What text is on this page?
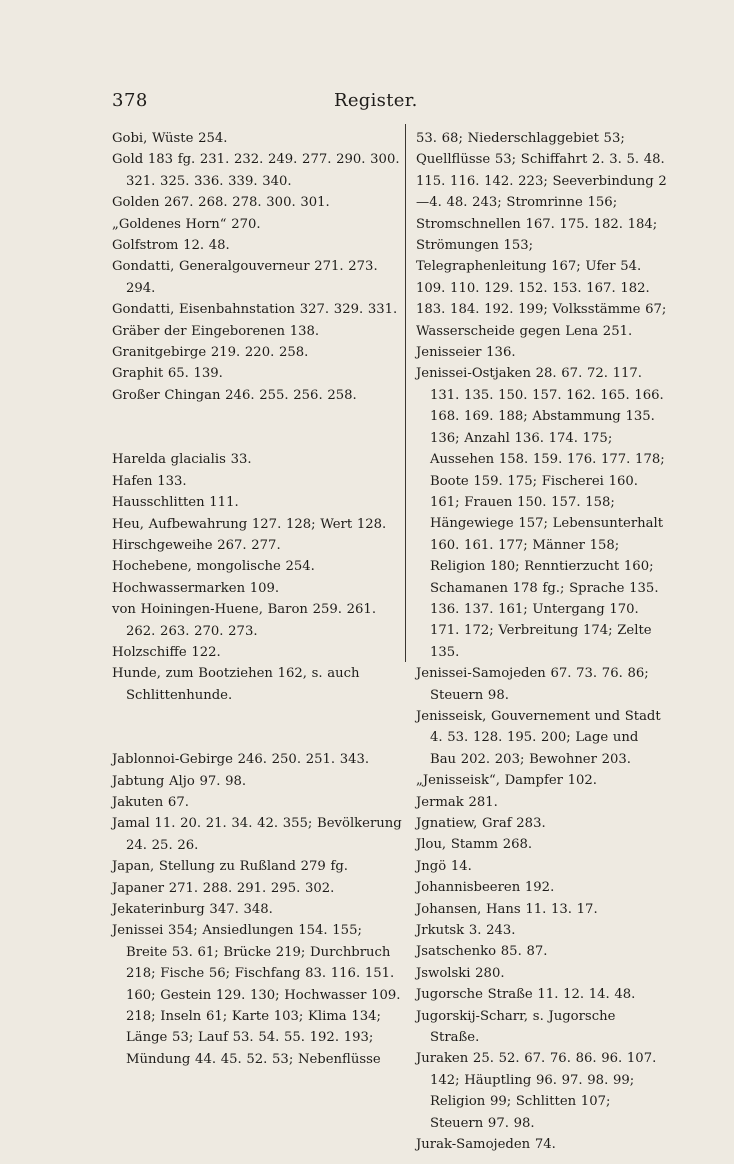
378	Register.
Gobi, Wüste 254.
Gold 183 fg. 231. 232. 249. 277. 290. 300. 321. 325. 336. 339. 340.
Golden 267. 268. 278. 300. 301.
„Goldenes Horn“ 270.
Golfstrom 12. 48.
Gondatti, Generalgouverneur 271. 273. 294.
Gondatti, Eisenbahnstation 327. 329. 331.
Gräber der Eingeborenen 138.
Granitgebirge 219. 220. 258.
Graphit 65. 139.
Großer Chingan 246. 255. 256. 258.
Harelda glacialis 33.
Hafen 133.
Hausschlitten 111.
Heu, Aufbewahrung 127. 128; Wert 128.
Hirschgeweihe 267. 277.
Hochebene, mongolische 254.
Hochwassermarken 109.
von Hoiningen-Huene, Baron 259. 261. 262. 263. 270. 273.
Holzschiffe 122.
Hunde, zum Bootziehen 162, s. auch Schlittenhunde.
Jablonnoi-Gebirge 246. 250. 251. 343.
Jabtung Aljo 97. 98.
Jakuten 67.
Jamal 11. 20. 21. 34. 42. 355; Bevölkerung 24. 25. 26.
Japan, Stellung zu Rußland 279 fg.
Japaner 271. 288. 291. 295. 302.
Jekaterinburg 347. 348.
Jenissei 354; Ansiedlungen 154. 155; Breite 53. 61; Brücke 219; Durchbruch 218; Fische 56; Fischfang 83. 116. 151. 160; Gestein 129. 130; Hochwasser 109. 218; Inseln 61; Karte 103; Klima 134; Länge 53; Lauf 53. 54. 55. 192. 193; Mündung 44. 45. 52. 53; Nebenflüsse
53. 68; Niederschlaggebiet 53; Quellflüsse 53; Schiffahrt 2. 3. 5. 48. 115. 116. 142. 223; Seeverbindung 2—4. 48. 243; Stromrinne 156; Stromschnellen 167. 175. 182. 184; Strömungen 153; Telegraphenleitung 167; Ufer 54. 109. 110. 129. 152. 153. 167. 182. 183. 184. 192. 199; Volksstämme 67; Wasserscheide gegen Lena 251.
Jenisseier 136.
Jenissei-Ostjaken 28. 67. 72. 117. 131. 135. 150. 157. 162. 165. 166. 168. 169. 188; Abstammung 135. 136; Anzahl 136. 174. 175; Aussehen 158. 159. 176. 177. 178; Boote 159. 175; Fischerei 160. 161; Frauen 150. 157. 158; Hängewiege 157; Lebensunterhalt 160. 161. 177; Männer 158; Religion 180; Renntierzucht 160; Schamanen 178 fg.; Sprache 135. 136. 137. 161; Untergang 170. 171. 172; Verbreitung 174; Zelte 135.
Jenissei-Samojeden 67. 73. 76. 86; Steuern 98.
Jenisseisk, Gouvernement und Stadt 4. 53. 128. 195. 200; Lage und Bau 202. 203; Bewohner 203.
„Jenisseisk“, Dampfer 102.
Jermak 281.
Jgnatiew, Graf 283.
Jlou, Stamm 268.
Jngö 14.
Johannisbeeren 192.
Johansen, Hans 11. 13. 17.
Jrkutsk 3. 243.
Jsatschenko 85. 87.
Jswolski 280.
Jugorsche Straße 11. 12. 14. 48.
Jugorskij-Scharr, s. Jugorsche Straße.
Juraken 25. 52. 67. 76. 86. 96. 107. 142; Häuptling 96. 97. 98. 99; Religion 99; Schlitten 107; Steuern 97. 98.
Jurak-Samojeden 74.
